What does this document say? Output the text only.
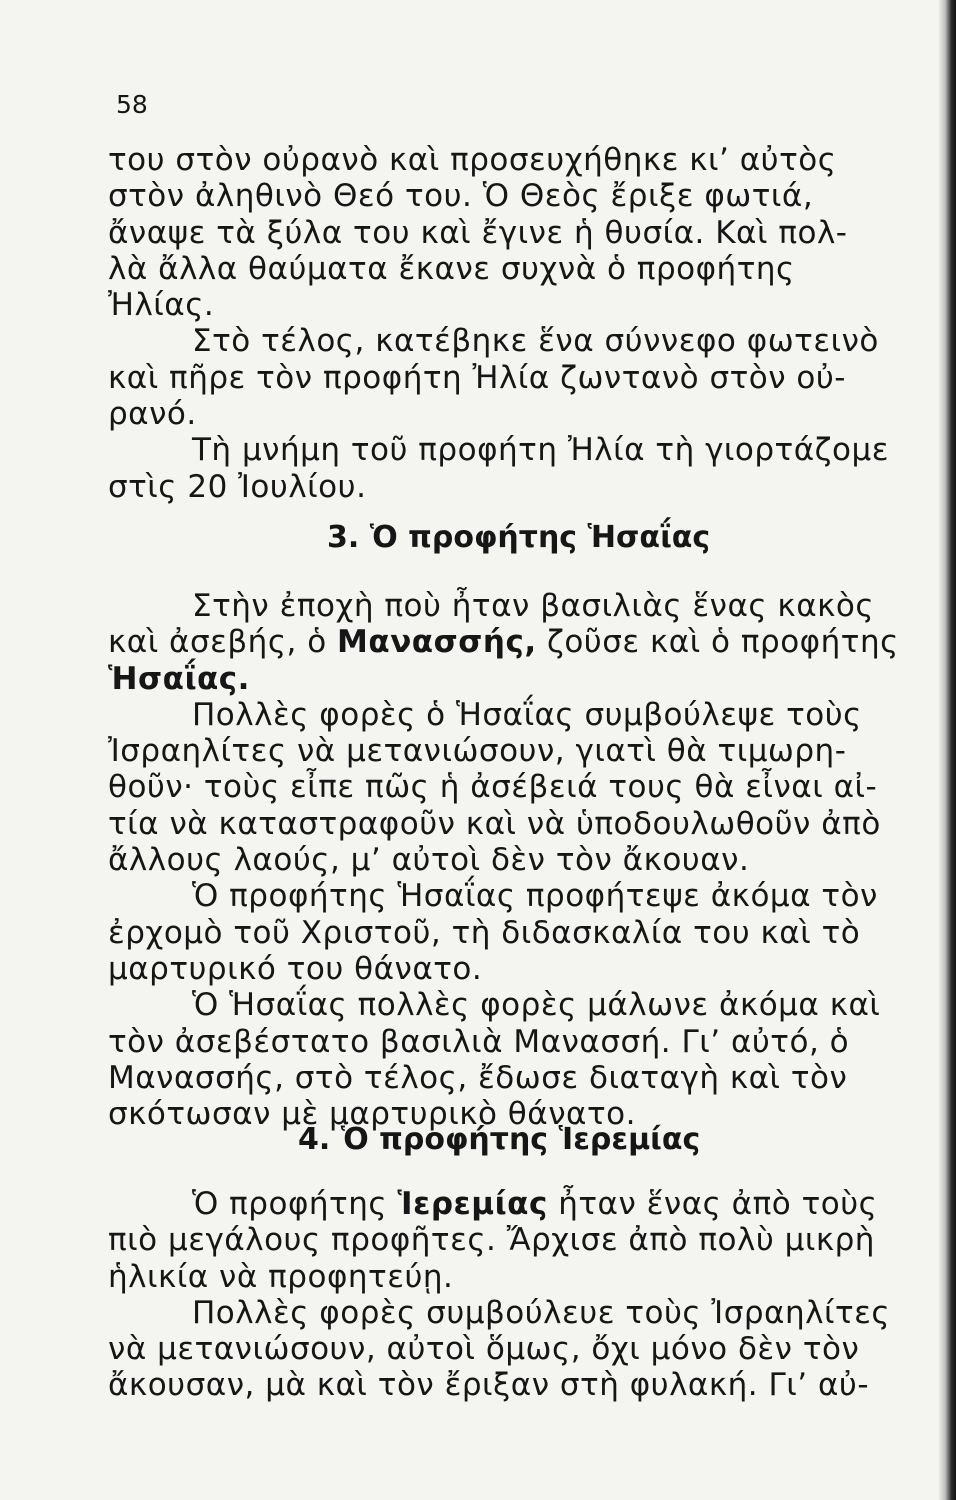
58
του στὸν οὐρανὸ καὶ προσευχήθηκε κι’ αὐτὸς
στὸν ἀληθινὸ Θεό του. Ὁ Θεὸς ἔριξε φωτιά,
ἄναψε τὰ ξύλα του καὶ ἔγινε ἡ θυσία. Καὶ πολ-
λὰ ἄλλα θαύματα ἔκανε συχνὰ ὁ προφήτης
Ἠλίας.
Στὸ τέλος, κατέβηκε ἕνα σύννεφο φωτεινὸ
καὶ πῆρε τὸν προφήτη Ἠλία ζωντανὸ στὸν οὐ-
ρανό.
Τὴ μνήμη τοῦ προφήτη Ἠλία τὴ γιορτάζομε
στὶς 20 Ἰουλίου.
3. Ὁ προφήτης Ἡσαΐας
Στὴν ἐποχὴ ποὺ ἦταν βασιλιὰς ἕνας κακὸς
καὶ ἀσεβής, ὁ Μανασσής, ζοῦσε καὶ ὁ προφήτης
Ἡσαΐας.
Πολλὲς φορὲς ὁ Ἡσαΐας συμβούλεψε τοὺς
Ἰσραηλίτες νὰ μετανιώσουν, γιατὶ θὰ τιμωρη-
θοῦν· τοὺς εἶπε πῶς ἡ ἀσέβειά τους θὰ εἶναι αἰ-
τία νὰ καταστραφοῦν καὶ νὰ ὑποδουλωθοῦν ἀπὸ
ἄλλους λαούς, μ’ αὐτοὶ δὲν τὸν ἄκουαν.
Ὁ προφήτης Ἡσαΐας προφήτεψε ἀκόμα τὸν
ἐρχομὸ τοῦ Χριστοῦ, τὴ διδασκαλία του καὶ τὸ
μαρτυρικό του θάνατο.
Ὁ Ἡσαΐας πολλὲς φορὲς μάλωνε ἀκόμα καὶ
τὸν ἀσεβέστατο βασιλιὰ Μανασσή. Γι’ αὐτό, ὁ
Μανασσής, στὸ τέλος, ἔδωσε διαταγὴ καὶ τὸν
σκότωσαν μὲ μαρτυρικὸ θάνατο.
4. Ὁ προφήτης Ἱερεμίας
Ὁ προφήτης Ἱερεμίας ἦταν ἕνας ἀπὸ τοὺς
πιὸ μεγάλους προφῆτες. Ἄρχισε ἀπὸ πολὺ μικρὴ
ἡλικία νὰ προφητεύῃ.
Πολλὲς φορὲς συμβούλευε τοὺς Ἰσραηλίτες
νὰ μετανιώσουν, αὐτοὶ ὅμως, ὄχι μόνο δὲν τὸν
ἄκουσαν, μὰ καὶ τὸν ἔριξαν στὴ φυλακή. Γι’ αὐ-
